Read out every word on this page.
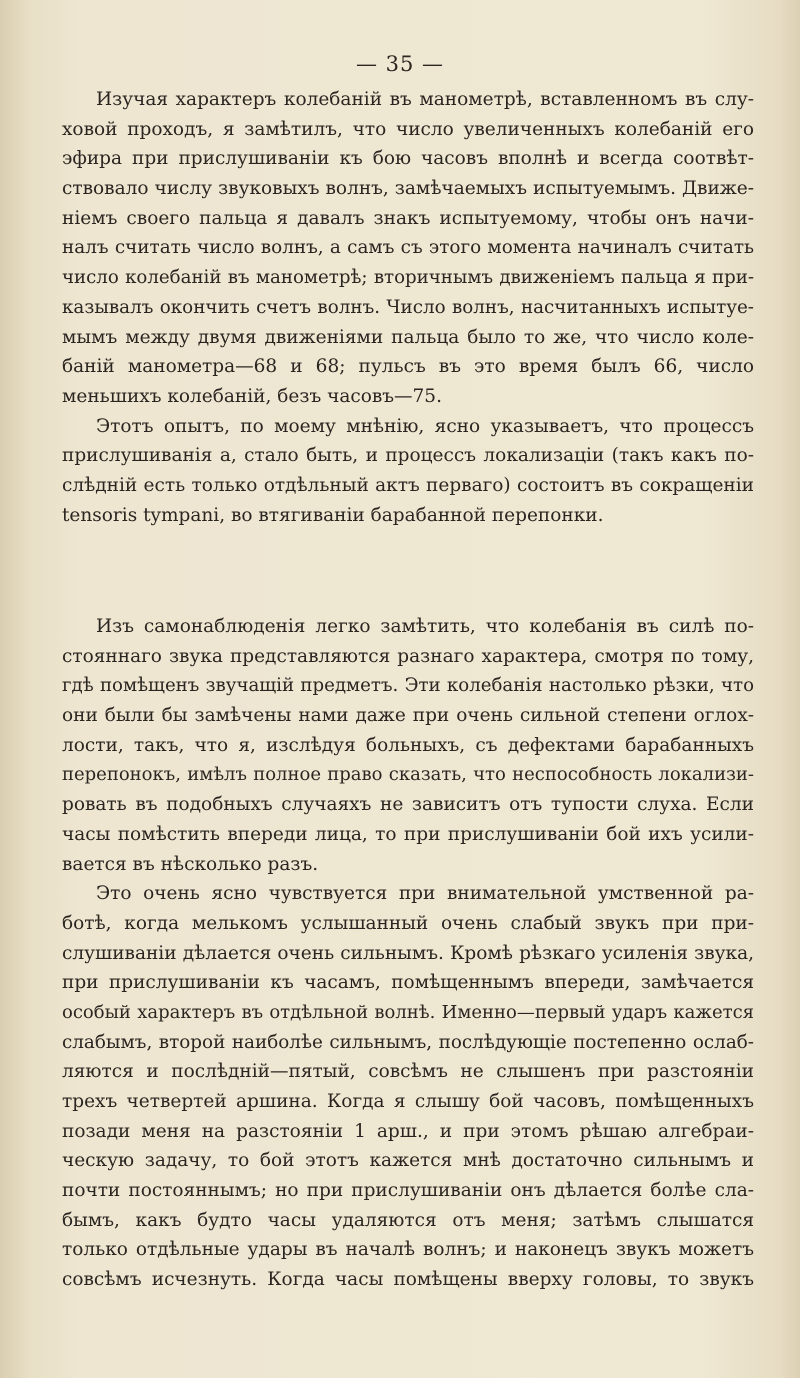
— 35 —
Изучая характеръ колебаній въ манометрѣ, вставленномъ въ слу-
ховой проходъ, я замѣтилъ, что число увеличенныхъ колебаній его
эфира при прислушиваніи къ бою часовъ вполнѣ и всегда соотвѣт-
ствовало числу звуковыхъ волнъ, замѣчаемыхъ испытуемымъ. Движе-
ніемъ своего пальца я давалъ знакъ испытуемому, чтобы онъ начи-
налъ считать число волнъ, а самъ съ этого момента начиналъ считать
число колебаній въ манометрѣ; вторичнымъ движеніемъ пальца я при-
казывалъ окончить счетъ волнъ. Число волнъ, насчитанныхъ испытуе-
мымъ между двумя движеніями пальца было то же, что число коле-
баній манометра—68 и 68; пульсъ въ это время былъ 66, число
меньшихъ колебаній, безъ часовъ—75.
Этотъ опытъ, по моему мнѣнію, ясно указываетъ, что процессъ
прислушиванія а, стало быть, и процессъ локализаціи (такъ какъ по-
слѣдній есть только отдѣльный актъ перваго) состоитъ въ сокращеніи
tensoris tympani, во втягиваніи барабанной перепонки.
Изъ самонаблюденія легко замѣтить, что колебанія въ силѣ по-
стояннаго звука представляются разнаго характера, смотря по тому,
гдѣ помѣщенъ звучащій предметъ. Эти колебанія настолько рѣзки, что
они были бы замѣчены нами даже при очень сильной степени оглох-
лости, такъ, что я, изслѣдуя больныхъ, съ дефектами барабанныхъ
перепонокъ, имѣлъ полное право сказать, что неспособность локализи-
ровать въ подобныхъ случаяхъ не зависитъ отъ тупости слуха. Если
часы помѣстить впереди лица, то при прислушиваніи бой ихъ усили-
вается въ нѣсколько разъ.
Это очень ясно чувствуется при внимательной умственной ра-
ботѣ, когда мелькомъ услышанный очень слабый звукъ при при-
слушиваніи дѣлается очень сильнымъ. Кромѣ рѣзкаго усиленія звука,
при прислушиваніи къ часамъ, помѣщеннымъ впереди, замѣчается
особый характеръ въ отдѣльной волнѣ. Именно—первый ударъ кажется
слабымъ, второй наиболѣе сильнымъ, послѣдующіе постепенно ослаб-
ляются и послѣдній—пятый, совсѣмъ не слышенъ при разстояніи
трехъ четвертей аршина. Когда я слышу бой часовъ, помѣщенныхъ
позади меня на разстояніи 1 арш., и при этомъ рѣшаю алгебраи-
ческую задачу, то бой этотъ кажется мнѣ достаточно сильнымъ и
почти постояннымъ; но при прислушиваніи онъ дѣлается болѣе сла-
бымъ, какъ будто часы удаляются отъ меня; затѣмъ слышатся
только отдѣльные удары въ началѣ волнъ; и наконецъ звукъ можетъ
совсѣмъ исчезнуть. Когда часы помѣщены вверху головы, то звукъ
